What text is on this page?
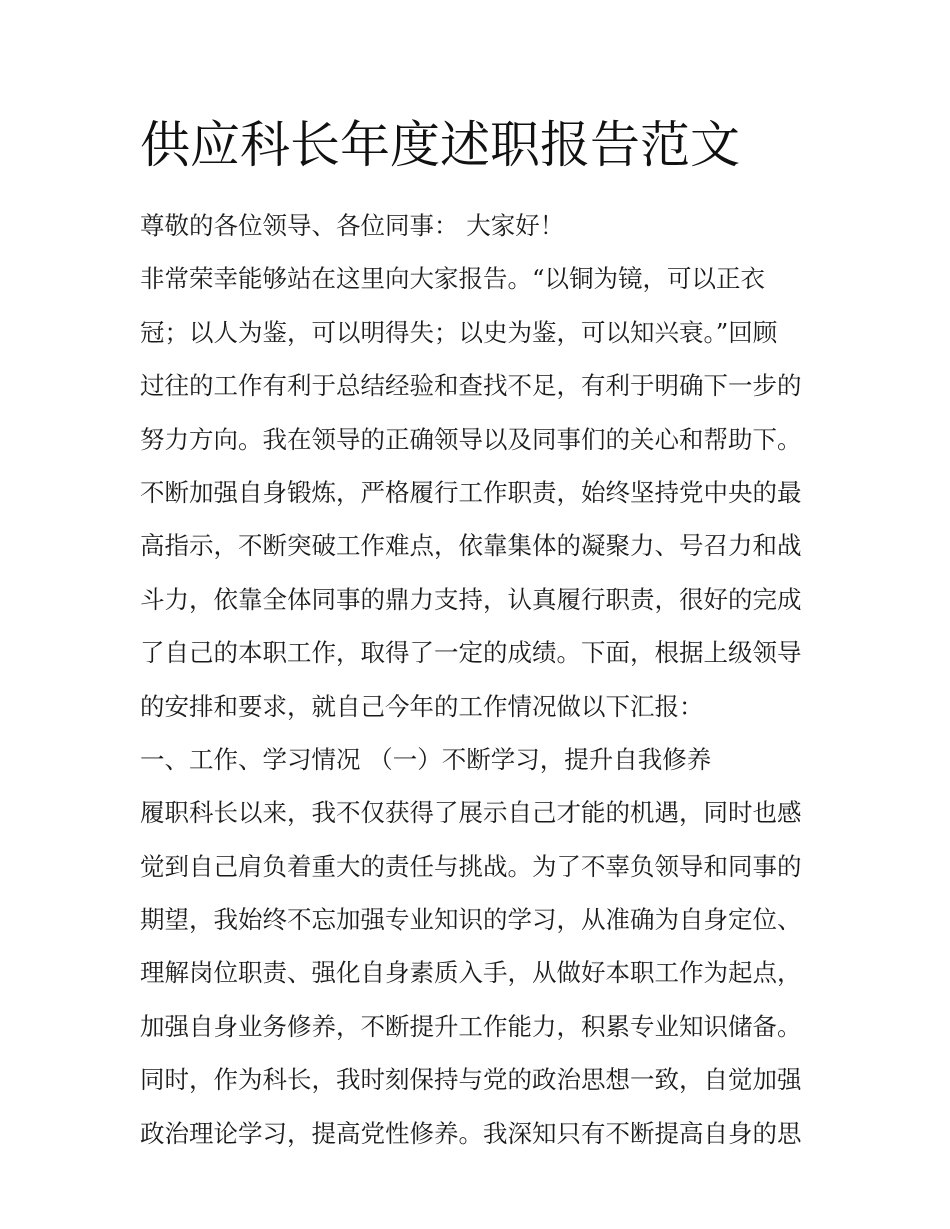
供应科长年度述职报告范文
尊敬的各位领导、各位同事： 大家好！
非常荣幸能够站在这里向大家报告。“以铜为镜，可以正衣
冠；以人为鉴，可以明得失；以史为鉴，可以知兴衰。”回顾
过往的工作有利于总结经验和查找不足，有利于明确下一步的
努力方向。我在领导的正确领导以及同事们的关心和帮助下。
不断加强自身锻炼，严格履行工作职责，始终坚持党中央的最
高指示，不断突破工作难点，依靠集体的凝聚力、号召力和战
斗力，依靠全体同事的鼎力支持，认真履行职责，很好的完成
了自己的本职工作，取得了一定的成绩。下面，根据上级领导
的安排和要求，就自己今年的工作情况做以下汇报：
一、工作、学习情况 （一）不断学习，提升自我修养
履职科长以来，我不仅获得了展示自己才能的机遇，同时也感
觉到自己肩负着重大的责任与挑战。为了不辜负领导和同事的
期望，我始终不忘加强专业知识的学习，从准确为自身定位、
理解岗位职责、强化自身素质入手，从做好本职工作为起点，
加强自身业务修养，不断提升工作能力，积累专业知识储备。
同时，作为科长，我时刻保持与党的政治思想一致，自觉加强
政治理论学习，提高党性修养。我深知只有不断提高自身的思
